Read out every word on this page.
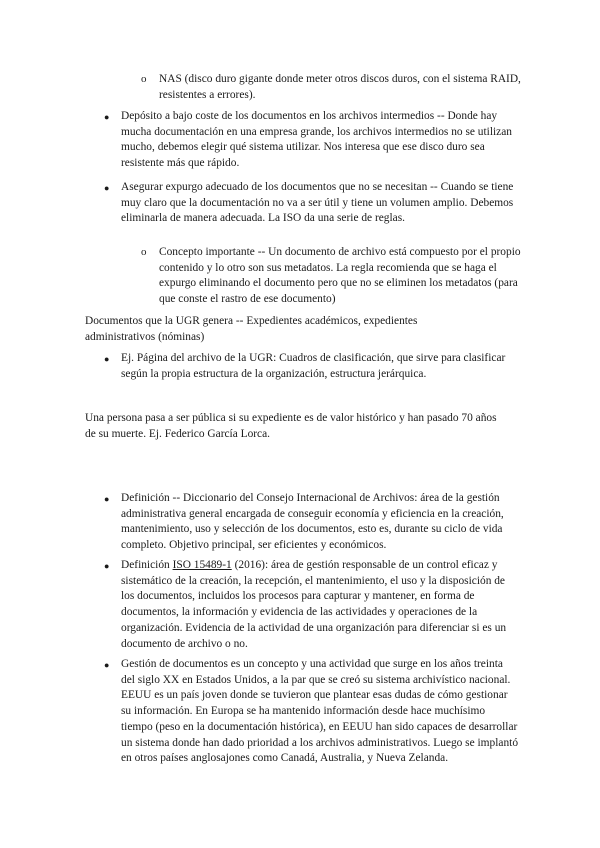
o NAS (disco duro gigante donde meter otros discos duros, con el sistema RAID, resistentes a errores).

● Depósito a bajo coste de los documentos en los archivos intermedios -- Donde hay mucha documentación en una empresa grande, los archivos intermedios no se utilizan mucho, debemos elegir qué sistema utilizar. Nos interesa que ese disco duro sea resistente más que rápido.

● Asegurar expurgo adecuado de los documentos que no se necesitan -- Cuando se tiene muy claro que la documentación no va a ser útil y tiene un volumen amplio. Debemos eliminarla de manera adecuada. La ISO da una serie de reglas.

o Concepto importante -- Un documento de archivo está compuesto por el propio contenido y lo otro son sus metadatos. La regla recomienda que se haga el expurgo eliminando el documento pero que no se eliminen los metadatos (para que conste el rastro de ese documento)

Documentos que la UGR genera -- Expedientes académicos, expedientes administrativos (nóminas)

● Ej. Página del archivo de la UGR: Cuadros de clasificación, que sirve para clasificar según la propia estructura de la organización, estructura jerárquica.

Una persona pasa a ser pública si su expediente es de valor histórico y han pasado 70 años de su muerte. Ej. Federico García Lorca.

● Definición -- Diccionario del Consejo Internacional de Archivos: área de la gestión administrativa general encargada de conseguir economía y eficiencia en la creación, mantenimiento, uso y selección de los documentos, esto es, durante su ciclo de vida completo. Objetivo principal, ser eficientes y económicos.

● Definición ISO 15489-1 (2016): área de gestión responsable de un control eficaz y sistemático de la creación, la recepción, el mantenimiento, el uso y la disposición de los documentos, incluidos los procesos para capturar y mantener, en forma de documentos, la información y evidencia de las actividades y operaciones de la organización. Evidencia de la actividad de una organización para diferenciar si es un documento de archivo o no.

● Gestión de documentos es un concepto y una actividad que surge en los años treinta del siglo XX en Estados Unidos, a la par que se creó su sistema archivístico nacional. EEUU es un país joven donde se tuvieron que plantear esas dudas de cómo gestionar su información. En Europa se ha mantenido información desde hace muchísimo tiempo (peso en la documentación histórica), en EEUU han sido capaces de desarrollar un sistema donde han dado prioridad a los archivos administrativos. Luego se implantó en otros países anglosajones como Canadá, Australia, y Nueva Zelanda.
